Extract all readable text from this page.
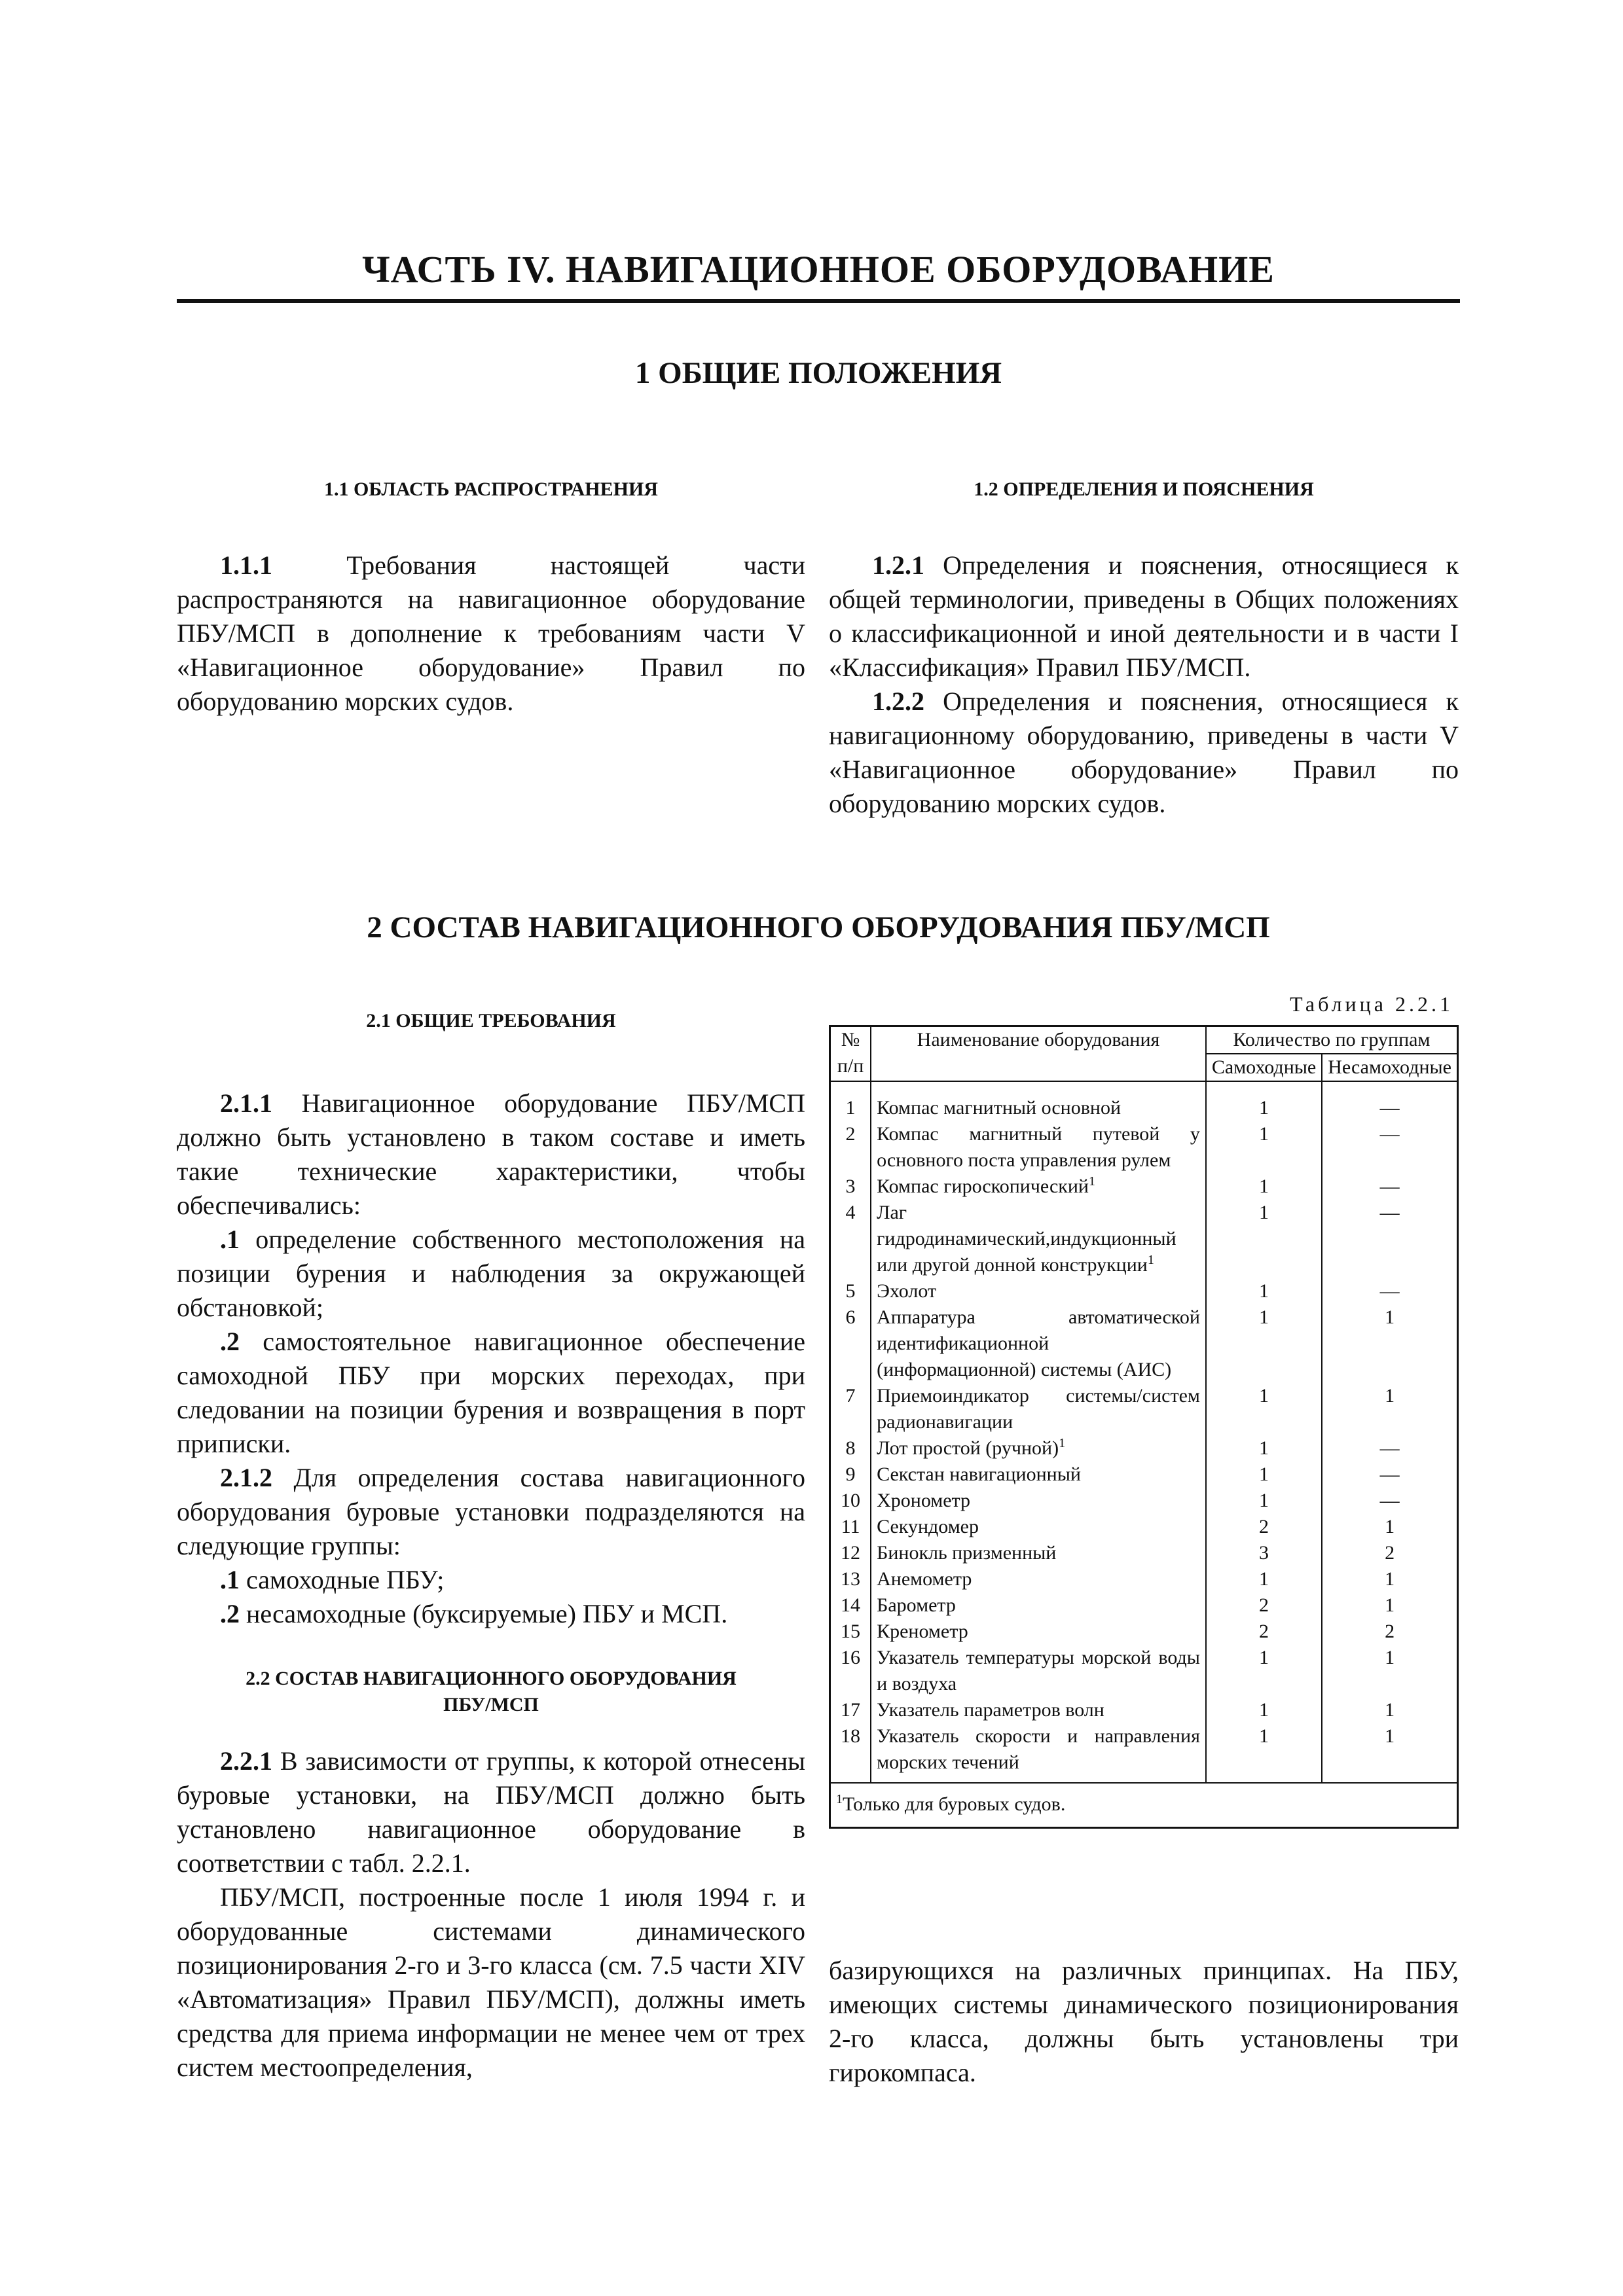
ЧАСТЬ IV. НАВИГАЦИОННОЕ ОБОРУДОВАНИЕ
1 ОБЩИЕ ПОЛОЖЕНИЯ
1.1 ОБЛАСТЬ РАСПРОСТРАНЕНИЯ	1.2 ОПРЕДЕЛЕНИЯ И ПОЯСНЕНИЯ

1.1.1	Требования настоящей части распространяются на навигационное оборудование ПБУ/МСП в дополнение к требованиям части V «Навигационное оборудование» Правил по оборудованию морских судов.

1.2.1 Определения и пояснения, относящиеся к общей терминологии, приведены в Общих положениях о классификационной и иной деятельности и в части I «Классификация» Правил ПБУ/МСП.

1.2.2 Определения и пояснения, относящиеся к навигационному оборудованию, приведены в части V «Навигационное оборудование» Правил по оборудованию морских судов.

2 СОСТАВ НАВИГАЦИОННОГО ОБОРУДОВАНИЯ ПБУ/МСП
2.1 ОБЩИЕ ТРЕБОВАНИЯ

2.1.1 Навигационное оборудование ПБУ/МСП должно быть установлено в таком составе и иметь такие технические характеристики, чтобы обеспечивались:

.1 определение собственного местоположения на позиции бурения и наблюдения за окружающей обстановкой;

.2 самостоятельное навигационное обеспечение самоходной ПБУ при морских переходах, при следовании на позиции бурения и возвращения в порт приписки.

2.1.2 Для определения состава навигационного оборудования буровые установки подразделяются на следующие группы:

.1 самоходные ПБУ;

.2 несамоходные (буксируемые) ПБУ и МСП.

2.2 СОСТАВ НАВИГАЦИОННОГО ОБОРУДОВАНИЯ
ПБУ/МСП

2.2.1 В зависимости от группы, к которой отнесены буровые установки, на ПБУ/МСП должно быть установлено навигационное оборудование в соответствии с табл. 2.2.1.

ПБУ/МСП, построенные после 1 июля 1994 г. и оборудованные системами динамического позиционирования 2-го и 3-го класса (см. 7.5 части XIV «Автоматизация» Правил ПБУ/МСП), должны иметь средства для приема информации не менее чем от трех систем местоопределения,

базирующихся на различных принципах. На ПБУ, имеющих системы динамического позиционирования 2-го класса, должны быть установлены три гирокомпаса.

Таблица 2.2.1
№ п/п	Наименование оборудования	Количество по группам	
		Самоходные	Несамоходные
1	Компас магнитный основной	1	—
2	Компас магнитный путевой у основного поста управления рулем	1	—
3	Компас гироскопический$^1$	1	—
4	Лаг гидродинамический,индукционный или другой донной конструкции$^1$	1	—
5	Эхолот	1	—
6	Аппаратура автоматической идентификационной (информационной) системы (АИС)	1	1
7	Приемоиндикатор системы/систем радионавигации	1	1
8	Лот простой (ручной)$^1$	1	—
9	Секстан навигационный	1	—
10	Хронометр	1	—
11	Секундомер	2	1
12	Бинокль призменный	3	2
13	Анемометр	1	1
14	Барометр	2	1
15	Кренометр	2	2
16	Указатель температуры морской воды и воздуха	1	1
17	Указатель параметров волн	1	1
18	Указатель скорости и направления морских течений	1	1
$^1$Только для буровых судов.			
